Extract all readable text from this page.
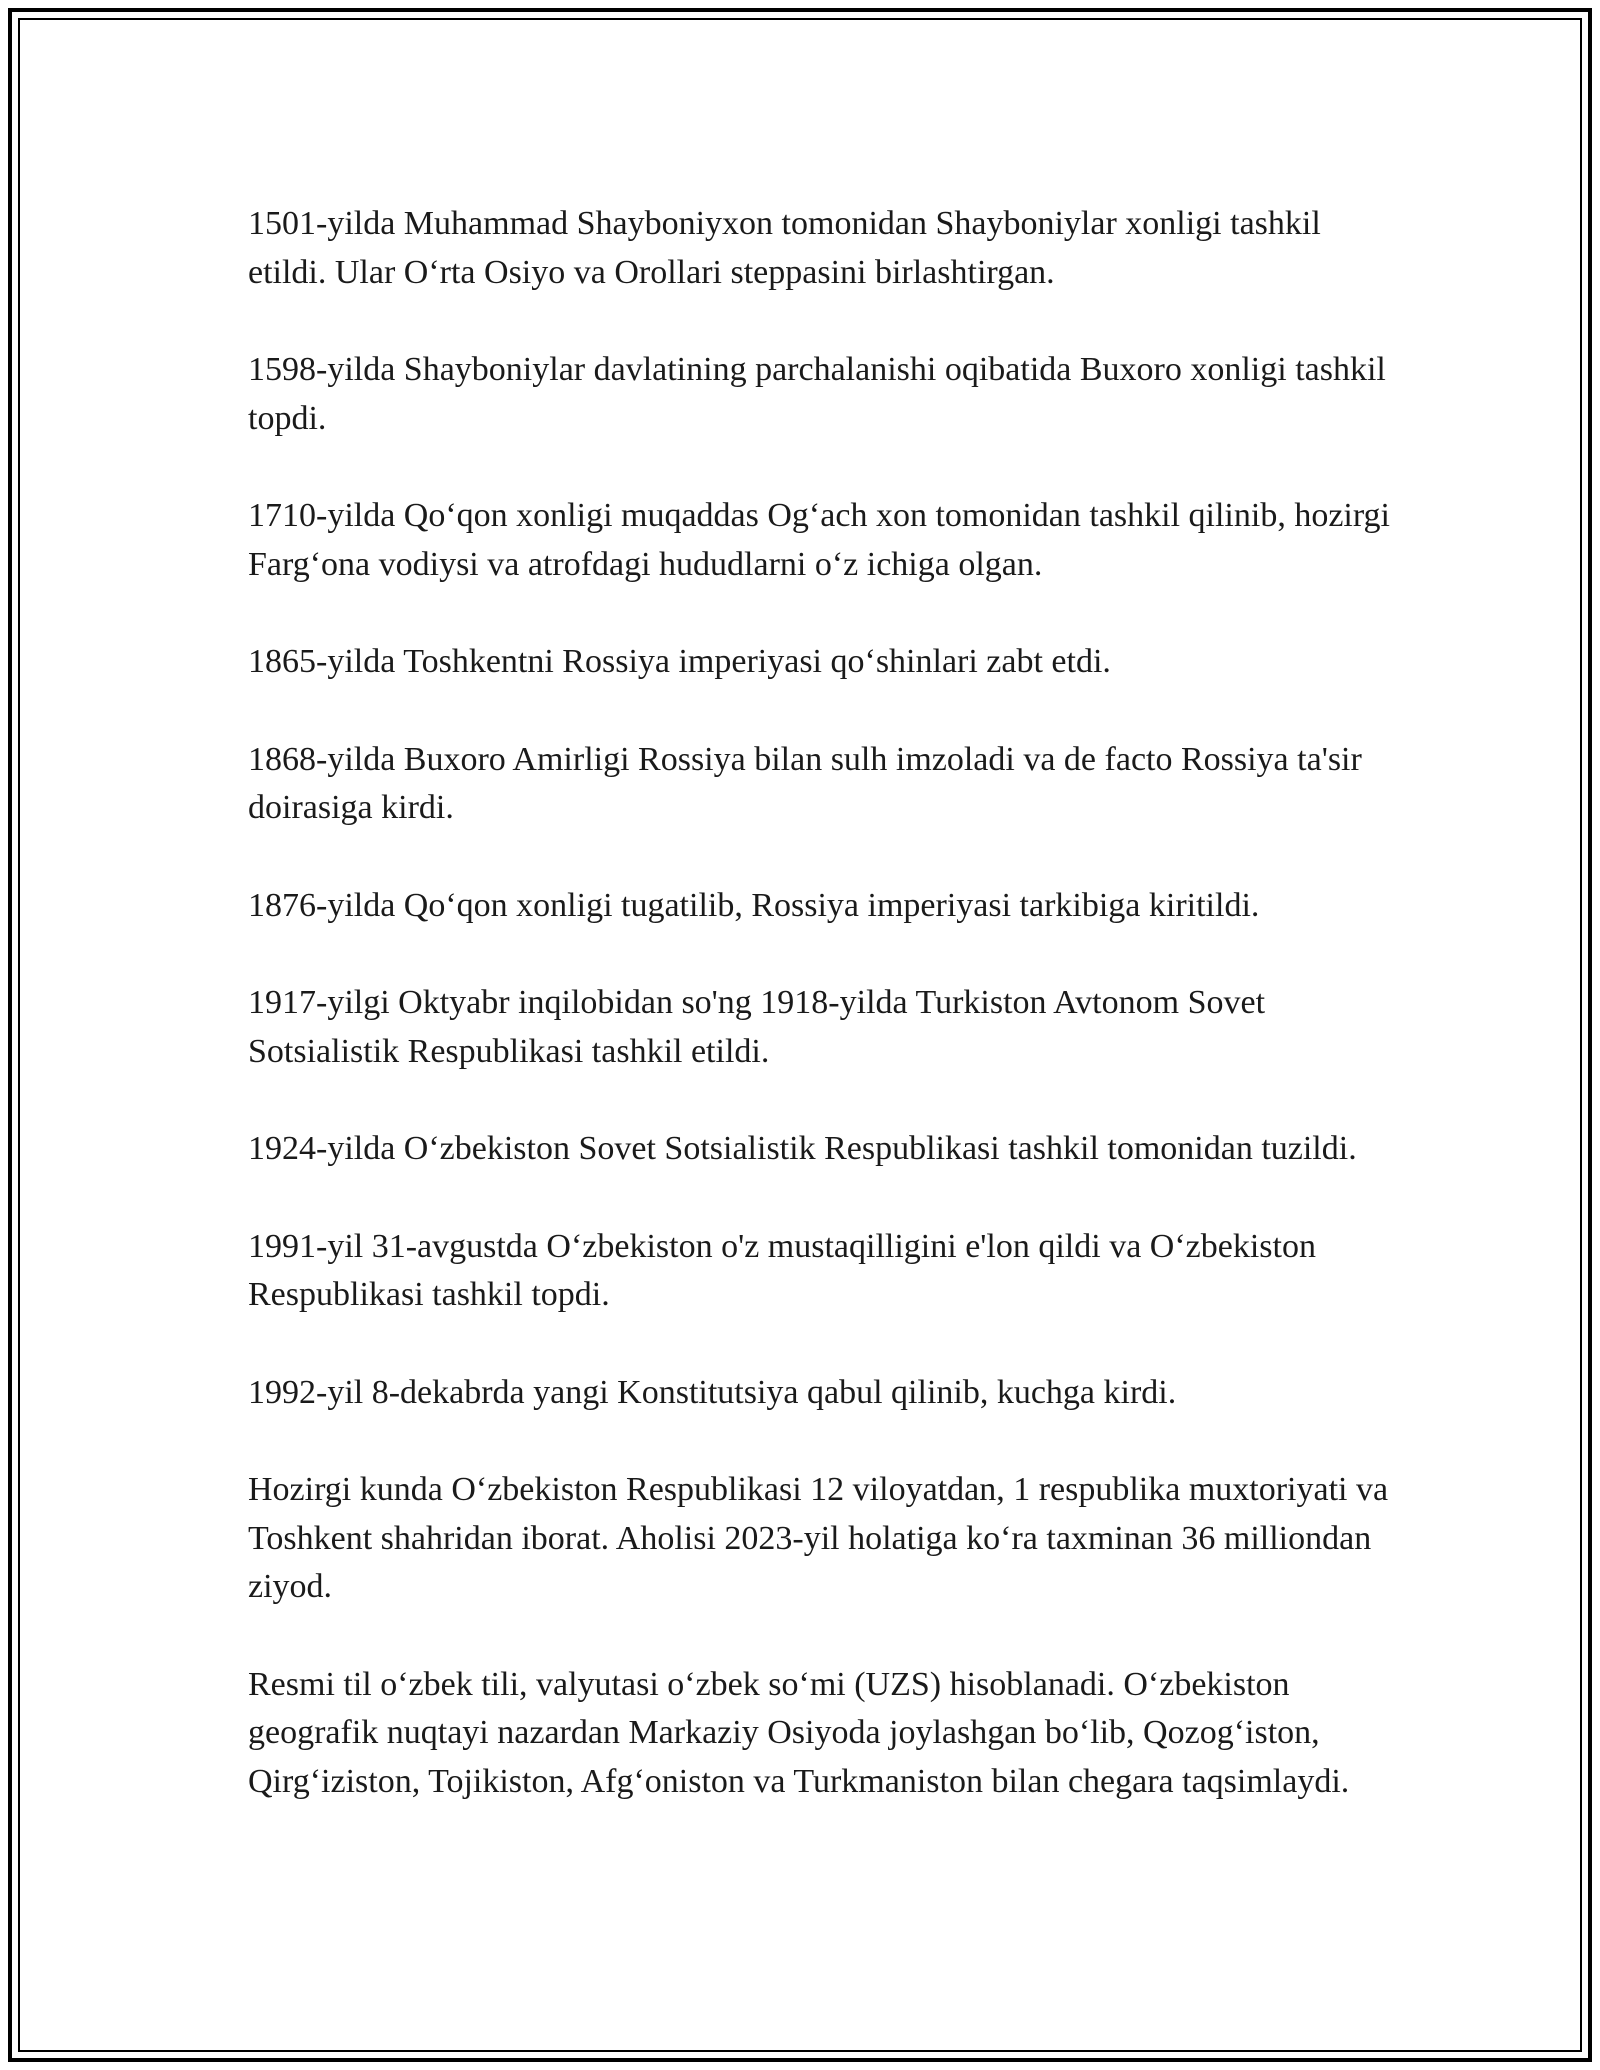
1501-yilda Muhammad Shayboniyxon tomonidan Shayboniylar xonligi tashkil etildi. Ular O‘rta Osiyo va Orollari steppasini birlashtirgan.

1598-yilda Shayboniylar davlatining parchalanishi oqibatida Buxoro xonligi tashkil topdi.

1710-yilda Qo‘qon xonligi muqaddas Og‘ach xon tomonidan tashkil qilinib, hozirgi Farg‘ona vodiysi va atrofdagi hududlarni o‘z ichiga olgan.

1865-yilda Toshkentni Rossiya imperiyasi qo‘shinlari zabt etdi.

1868-yilda Buxoro Amirligi Rossiya bilan sulh imzoladi va de facto Rossiya ta'sir doirasiga kirdi.

1876-yilda Qo‘qon xonligi tugatilib, Rossiya imperiyasi tarkibiga kiritildi.

1917-yilgi Oktyabr inqilobidan so'ng 1918-yilda Turkiston Avtonom Sovet Sotsialistik Respublikasi tashkil etildi.

1924-yilda O‘zbekiston Sovet Sotsialistik Respublikasi tashkil tomonidan tuzildi.

1991-yil 31-avgustda O‘zbekiston o'z mustaqilligini e'lon qildi va O‘zbekiston Respublikasi tashkil topdi.

1992-yil 8-dekabrda yangi Konstitutsiya qabul qilinib, kuchga kirdi.

Hozirgi kunda O‘zbekiston Respublikasi 12 viloyatdan, 1 respublika muxtoriyati va Toshkent shahridan iborat. Aholisi 2023-yil holatiga ko‘ra taxminan 36 milliondan ziyod.

Resmi til o‘zbek tili, valyutasi o‘zbek so‘mi (UZS) hisoblanadi. O‘zbekiston geografik nuqtayi nazardan Markaziy Osiyoda joylashgan bo‘lib, Qozog‘iston, Qirg‘iziston, Tojikiston, Afg‘oniston va Turkmaniston bilan chegara taqsimlaydi.
